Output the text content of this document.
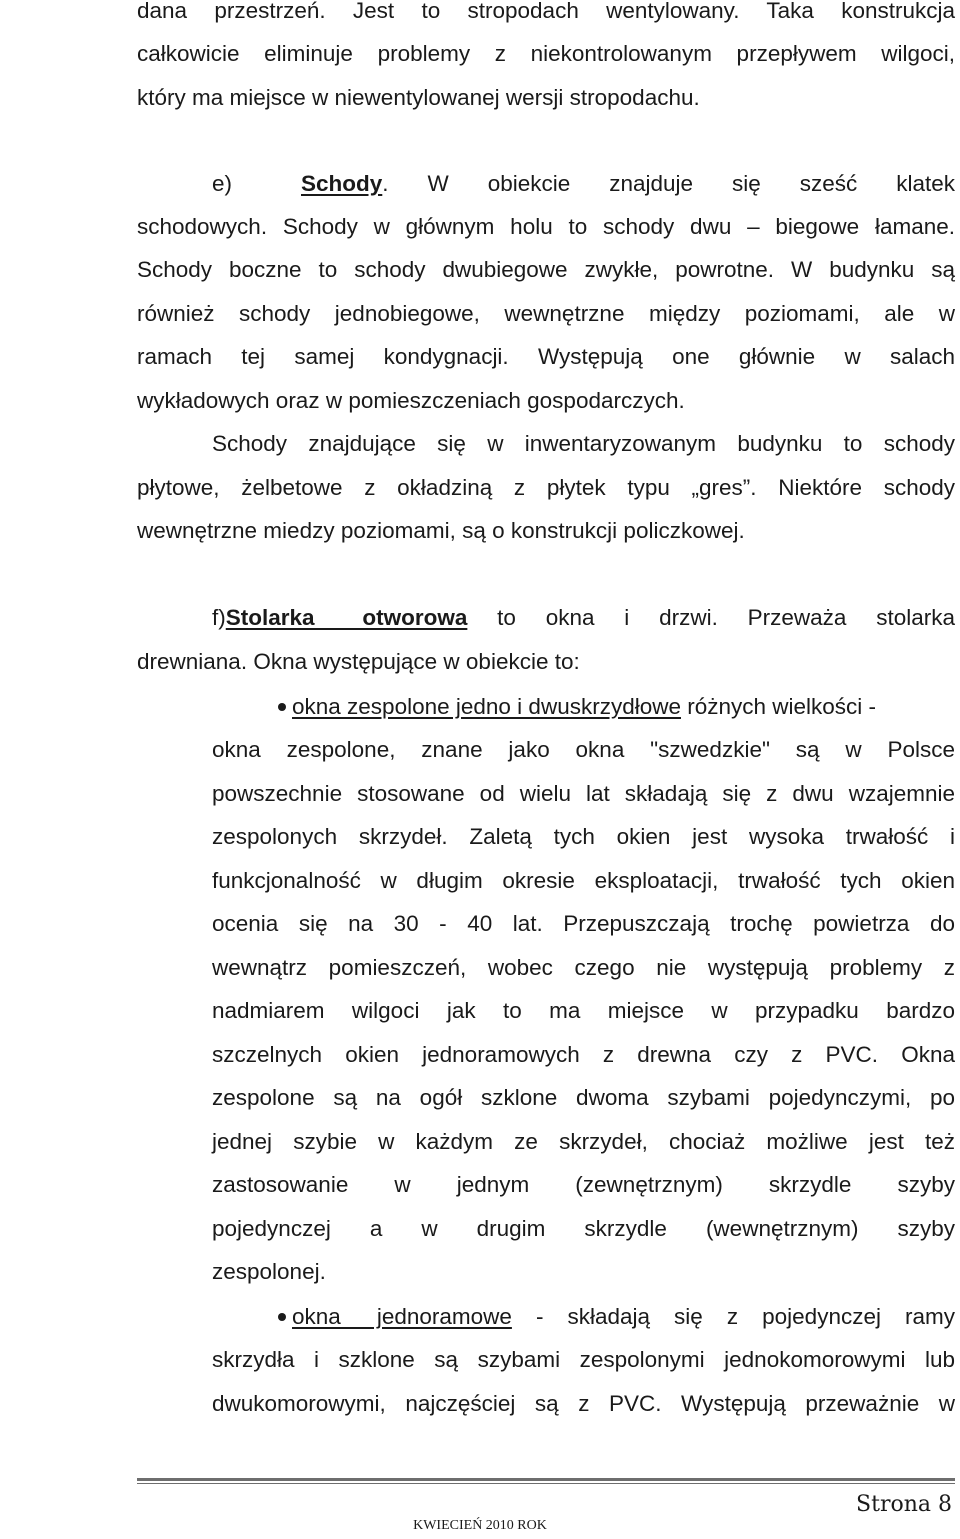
dana przestrzeń. Jest to stropodach wentylowany. Taka konstrukcja
całkowicie eliminuje problemy z niekontrolowanym przepływem wilgoci,
który ma miejsce w niewentylowanej wersji stropodachu.
e)	Schody. W obiekcie znajduje się sześć klatek
schodowych. Schody w głównym holu to schody dwu – biegowe łamane.
Schody boczne to schody dwubiegowe zwykłe, powrotne. W budynku są
również schody jednobiegowe, wewnętrzne między poziomami, ale w
ramach tej samej kondygnacji. Występują one głównie w salach
wykładowych oraz w pomieszczeniach gospodarczych.
Schody znajdujące się w inwentaryzowanym budynku to schody
płytowe, żelbetowe z okładziną z płytek typu „gres”. Niektóre schody
wewnętrzne miedzy poziomami, są o konstrukcji policzkowej.
f)Stolarka otworowa to okna i drzwi. Przeważa stolarka
drewniana. Okna występujące w obiekcie to:
okna zespolone jedno i dwuskrzydłowe różnych wielkości -
okna zespolone, znane jako okna "szwedzkie" są w Polsce
powszechnie stosowane od wielu lat składają się z dwu wzajemnie
zespolonych skrzydeł. Zaletą tych okien jest wysoka trwałość i
funkcjonalność w długim okresie eksploatacji, trwałość tych okien
ocenia się na 30 - 40 lat. Przepuszczają trochę powietrza do
wewnątrz pomieszczeń, wobec czego nie występują problemy z
nadmiarem wilgoci jak to ma miejsce w przypadku bardzo
szczelnych okien jednoramowych z drewna czy z PVC. Okna
zespolone są na ogół szklone dwoma szybami pojedynczymi, po
jednej szybie w każdym ze skrzydeł, chociaż możliwe jest też
zastosowanie w jednym (zewnętrznym) skrzydle szyby
pojedynczej a w drugim skrzydle (wewnętrznym) szyby
zespolonej.
okna jednoramowe - składają się z pojedynczej ramy
skrzydła i szklone są szybami zespolonymi jednokomorowymi lub
dwukomorowymi, najczęściej są z PVC. Występują przeważnie w
Strona 8
KWIECIEŃ 2010 ROK
